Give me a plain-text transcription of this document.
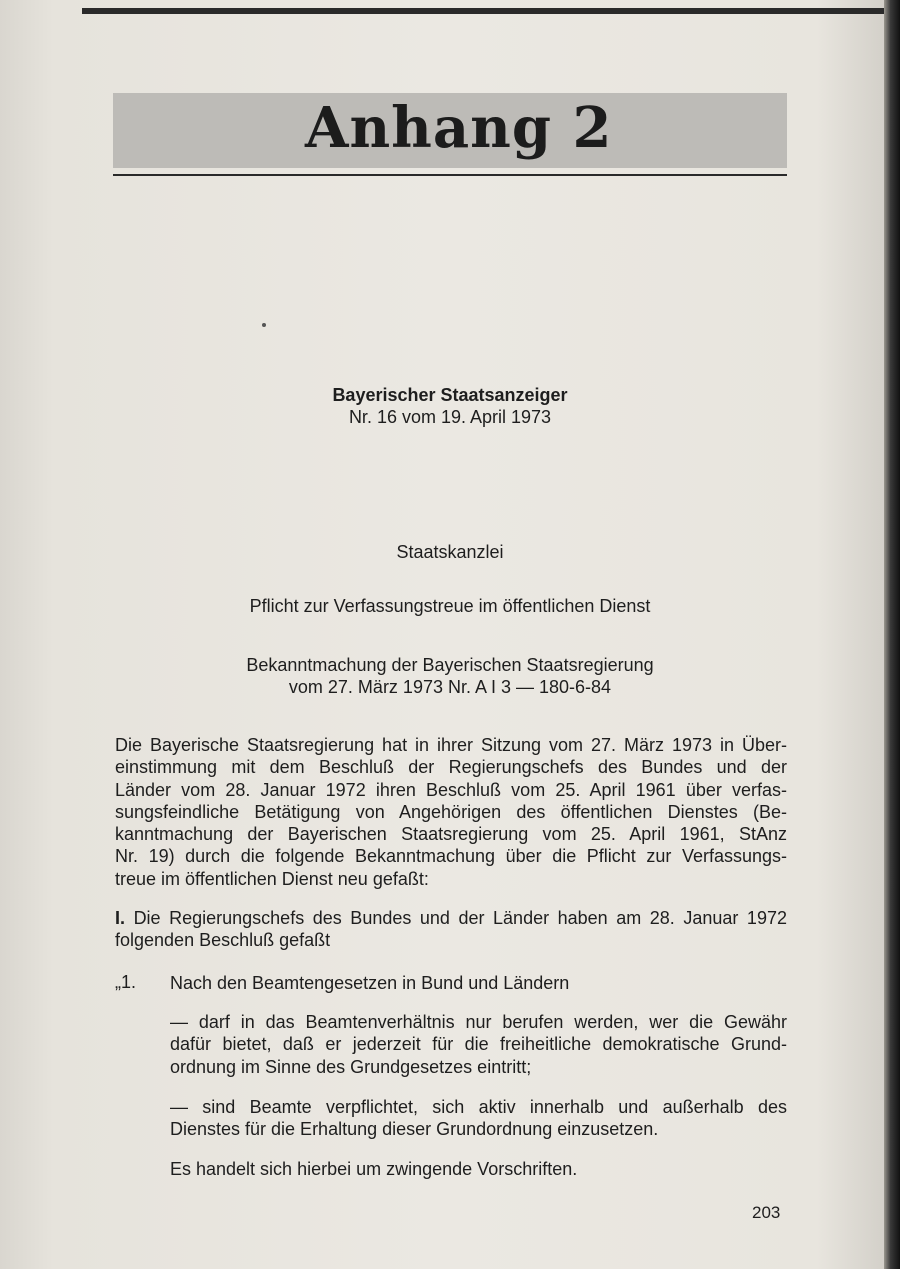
Anhang 2
Bayerischer Staatsanzeiger
Nr. 16 vom 19. April 1973
Staatskanzlei
Pflicht zur Verfassungstreue im öffentlichen Dienst
Bekanntmachung der Bayerischen Staatsregierung
vom 27. März 1973 Nr. A I 3 — 180-6-84
Die Bayerische Staatsregierung hat in ihrer Sitzung vom 27. März 1973 in Über-
einstimmung mit dem Beschluß der Regierungschefs des Bundes und der
Länder vom 28. Januar 1972 ihren Beschluß vom 25. April 1961 über verfas-
sungsfeindliche Betätigung von Angehörigen des öffentlichen Dienstes (Be-
kanntmachung der Bayerischen Staatsregierung vom 25. April 1961, StAnz
Nr. 19) durch die folgende Bekanntmachung über die Pflicht zur Verfassungs-
treue im öffentlichen Dienst neu gefaßt:
I. Die Regierungschefs des Bundes und der Länder haben am 28. Januar 1972
folgenden Beschluß gefaßt
„1. Nach den Beamtengesetzen in Bund und Ländern
— darf in das Beamtenverhältnis nur berufen werden, wer die Gewähr
dafür bietet, daß er jederzeit für die freiheitliche demokratische Grund-
ordnung im Sinne des Grundgesetzes eintritt;
— sind Beamte verpflichtet, sich aktiv innerhalb und außerhalb des
Dienstes für die Erhaltung dieser Grundordnung einzusetzen.
Es handelt sich hierbei um zwingende Vorschriften.
203
